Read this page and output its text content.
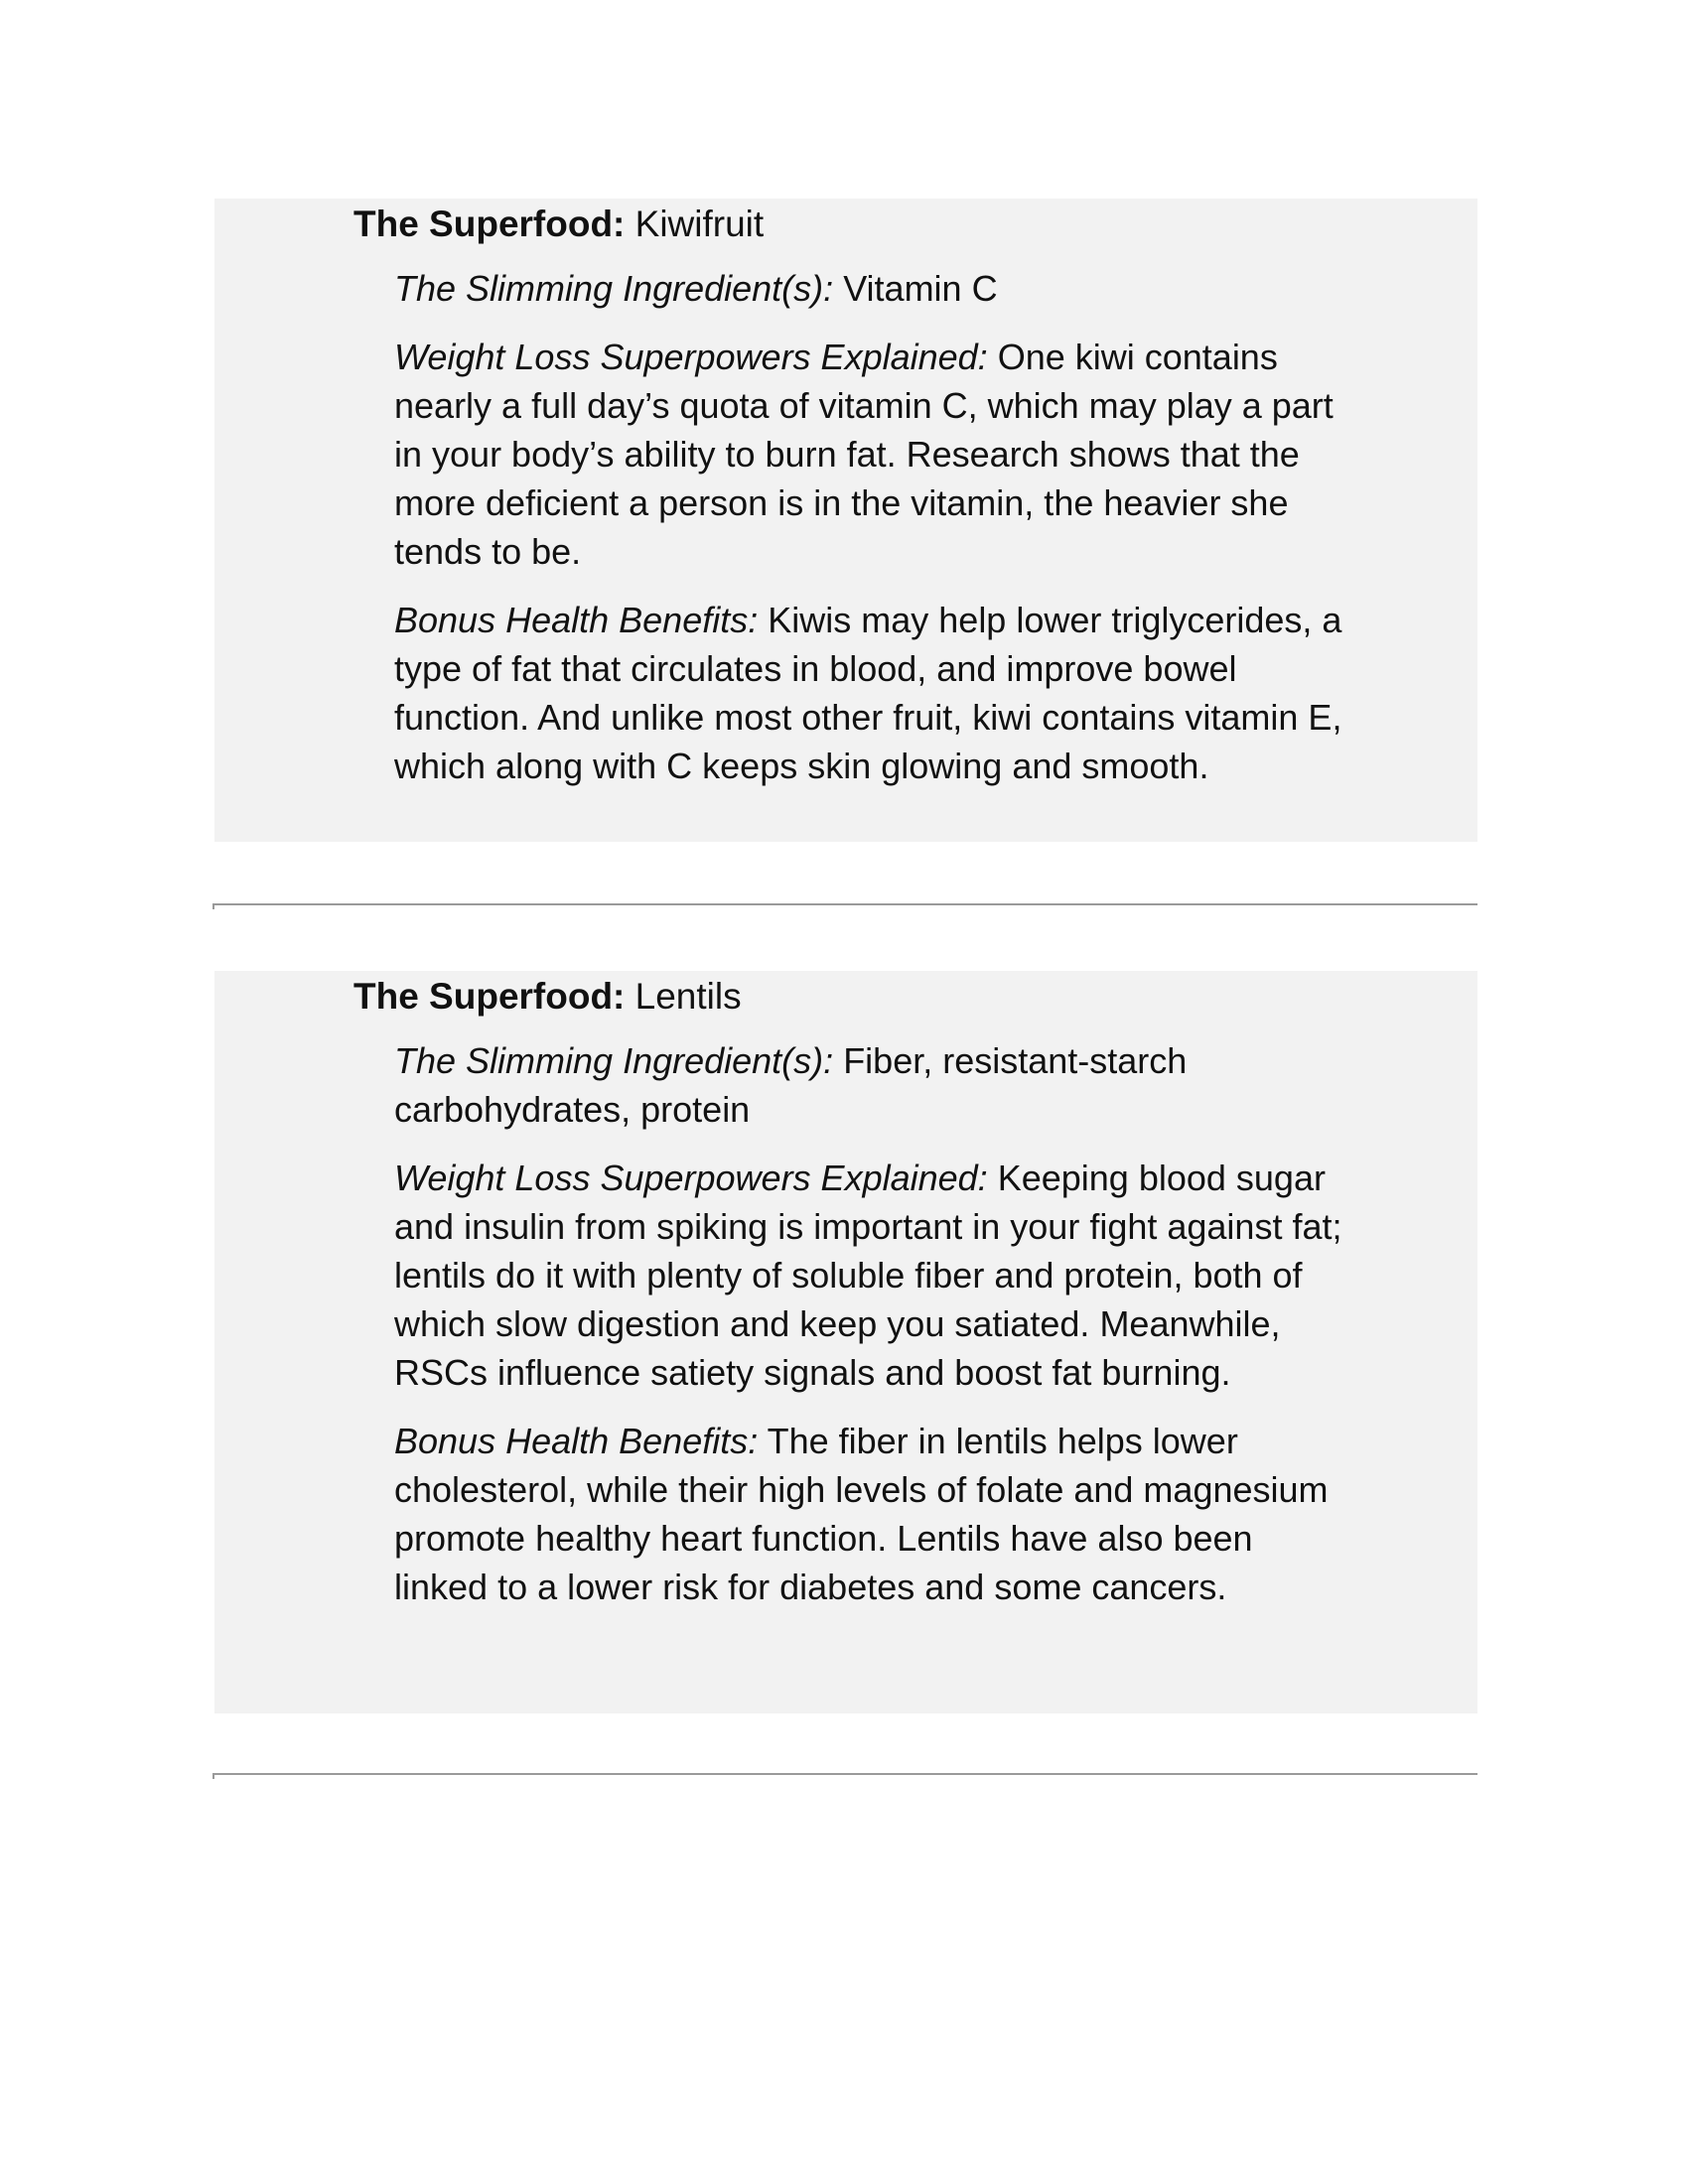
The Superfood: Kiwifruit

The Slimming Ingredient(s): Vitamin C

Weight Loss Superpowers Explained: One kiwi contains nearly a full day’s quota of vitamin C, which may play a part in your body’s ability to burn fat. Research shows that the more deficient a person is in the vitamin, the heavier she tends to be.

Bonus Health Benefits: Kiwis may help lower triglycerides, a type of fat that circulates in blood, and improve bowel function. And unlike most other fruit, kiwi contains vitamin E, which along with C keeps skin glowing and smooth.

The Superfood: Lentils

The Slimming Ingredient(s): Fiber, resistant-starch carbohydrates, protein

Weight Loss Superpowers Explained: Keeping blood sugar and insulin from spiking is important in your fight against fat; lentils do it with plenty of soluble fiber and protein, both of which slow digestion and keep you satiated. Meanwhile, RSCs influence satiety signals and boost fat burning.

Bonus Health Benefits: The fiber in lentils helps lower cholesterol, while their high levels of folate and magnesium promote healthy heart function. Lentils have also been linked to a lower risk for diabetes and some cancers.
